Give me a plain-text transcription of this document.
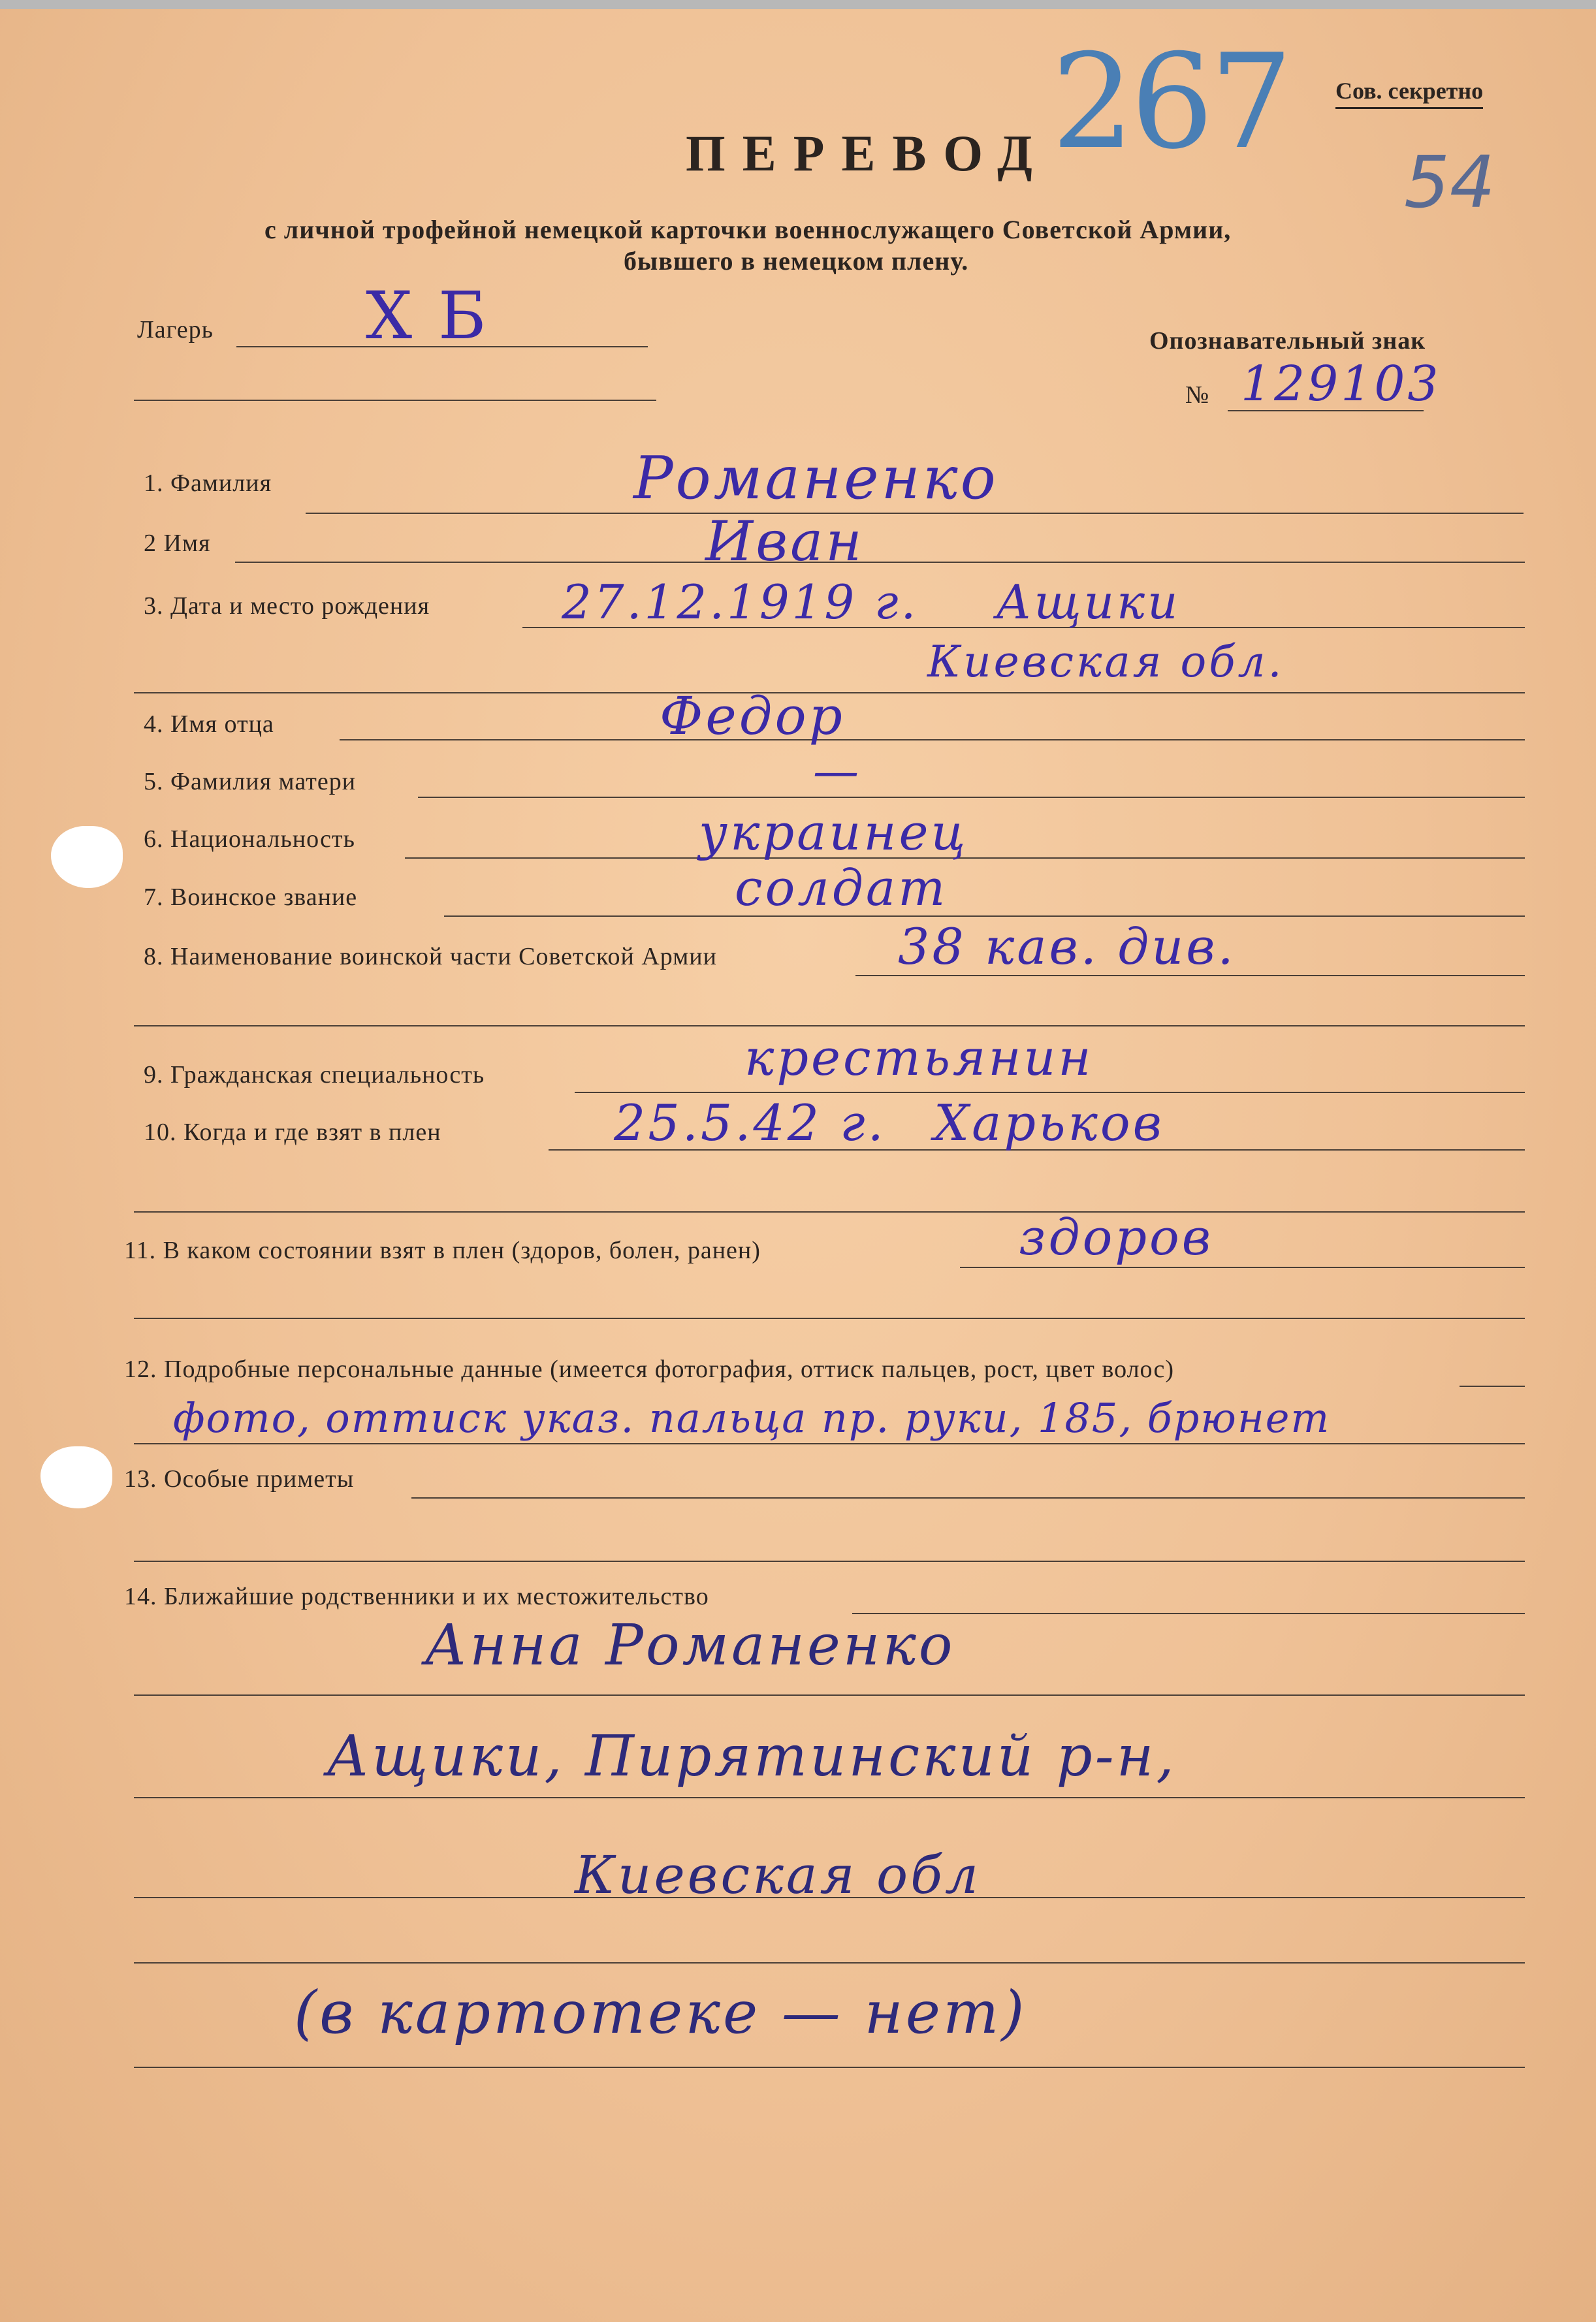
Сов. секретно
ПЕРЕВОД 267
54
с личной трофейной немецкой карточки военнослужащего Советской Армии,
бывшего в немецком плену.
Лагерь X Б	Опознавательный знак
№ 129103
1. Фамилия	Романенко
2 Имя	Иван
3. Дата и место рождения	27.12.1919 г. Ащики
Киевская обл.
4. Имя отца	Федор
5. Фамилия матери	—
6. Национальность	украинец
7. Воинское звание	солдат
8. Наименование воинской части Советской Армии	38 кав. див.
9. Гражданская специальность	крестьянин
10. Когда и где взят в плен	25.5.42 г. Харьков
11. В каком состоянии взят в плен (здоров, болен, ранен)	здоров
12. Подробные персональные данные (имеется фотография, оттиск пальцев, рост, цвет волос)
фото, оттиск указ. пальца пр. руки, 185, брюнет
13. Особые приметы
14. Ближайшие родственники и их местожительство
Анна Романенко
Ащики, Пирятинский р-н,
Киевская обл
(в картотеке — нет)
